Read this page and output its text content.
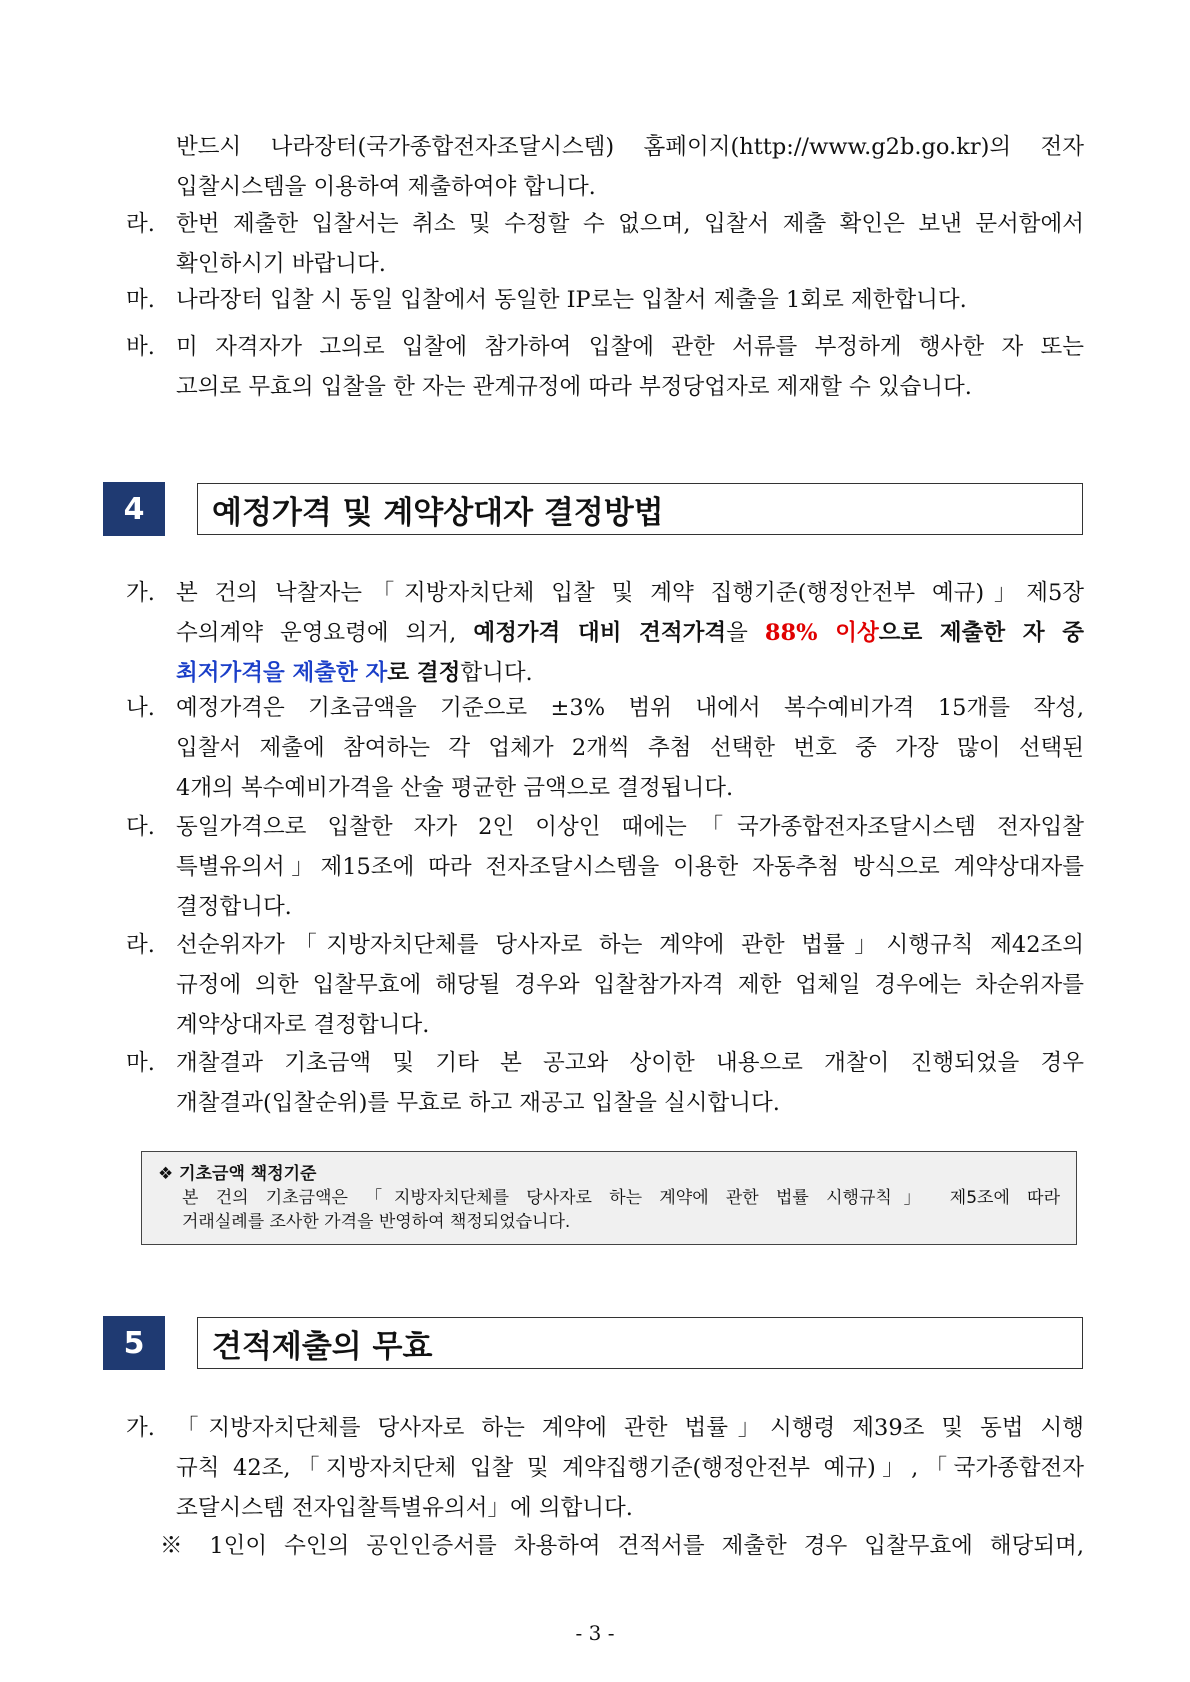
반드시 나라장터(국가종합전자조달시스템) 홈페이지(http://www.g2b.go.kr)의 전자
입찰시스템을 이용하여 제출하여야 합니다.
라. 한번 제출한 입찰서는 취소 및 수정할 수 없으며, 입찰서 제출 확인은 보낸 문서함에서
확인하시기 바랍니다.
마. 나라장터 입찰 시 동일 입찰에서 동일한 IP로는 입찰서 제출을 1회로 제한합니다.
바. 미 자격자가 고의로 입찰에 참가하여 입찰에 관한 서류를 부정하게 행사한 자 또는
고의로 무효의 입찰을 한 자는 관계규정에 따라 부정당업자로 제재할 수 있습니다.
4	예정가격 및 계약상대자 결정방법
가. 본 건의 낙찰자는「지방자치단체 입찰 및 계약 집행기준(행정안전부 예규)」제5장
수의계약 운영요령에 의거, 예정가격 대비 견적가격을 88% 이상으로 제출한 자 중
최저가격을 제출한 자로 결정합니다.
나. 예정가격은 기초금액을 기준으로 ±3% 범위 내에서 복수예비가격 15개를 작성,
입찰서 제출에 참여하는 각 업체가 2개씩 추첨 선택한 번호 중 가장 많이 선택된
4개의 복수예비가격을 산술 평균한 금액으로 결정됩니다.
다. 동일가격으로 입찰한 자가 2인 이상인 때에는「국가종합전자조달시스템 전자입찰
특별유의서」제15조에 따라 전자조달시스템을 이용한 자동추첨 방식으로 계약상대자를
결정합니다.
라. 선순위자가「지방자치단체를 당사자로 하는 계약에 관한 법률」시행규칙 제42조의
규정에 의한 입찰무효에 해당될 경우와 입찰참가자격 제한 업체일 경우에는 차순위자를
계약상대자로 결정합니다.
마. 개찰결과 기초금액 및 기타 본 공고와 상이한 내용으로 개찰이 진행되었을 경우
개찰결과(입찰순위)를 무효로 하고 재공고 입찰을 실시합니다.
❖ 기초금액 책정기준
본 건의 기초금액은 「지방자치단체를 당사자로 하는 계약에 관한 법률 시행규칙」 제5조에 따라
거래실례를 조사한 가격을 반영하여 책정되었습니다.
5	견적제출의 무효
가. 「지방자치단체를 당사자로 하는 계약에 관한 법률」시행령 제39조 및 동법 시행
규칙 42조,「지방자치단체 입찰 및 계약집행기준(행정안전부 예규)」,「국가종합전자
조달시스템 전자입찰특별유의서」에 의합니다.
※ 1인이 수인의 공인인증서를 차용하여 견적서를 제출한 경우 입찰무효에 해당되며,
- 3 -
